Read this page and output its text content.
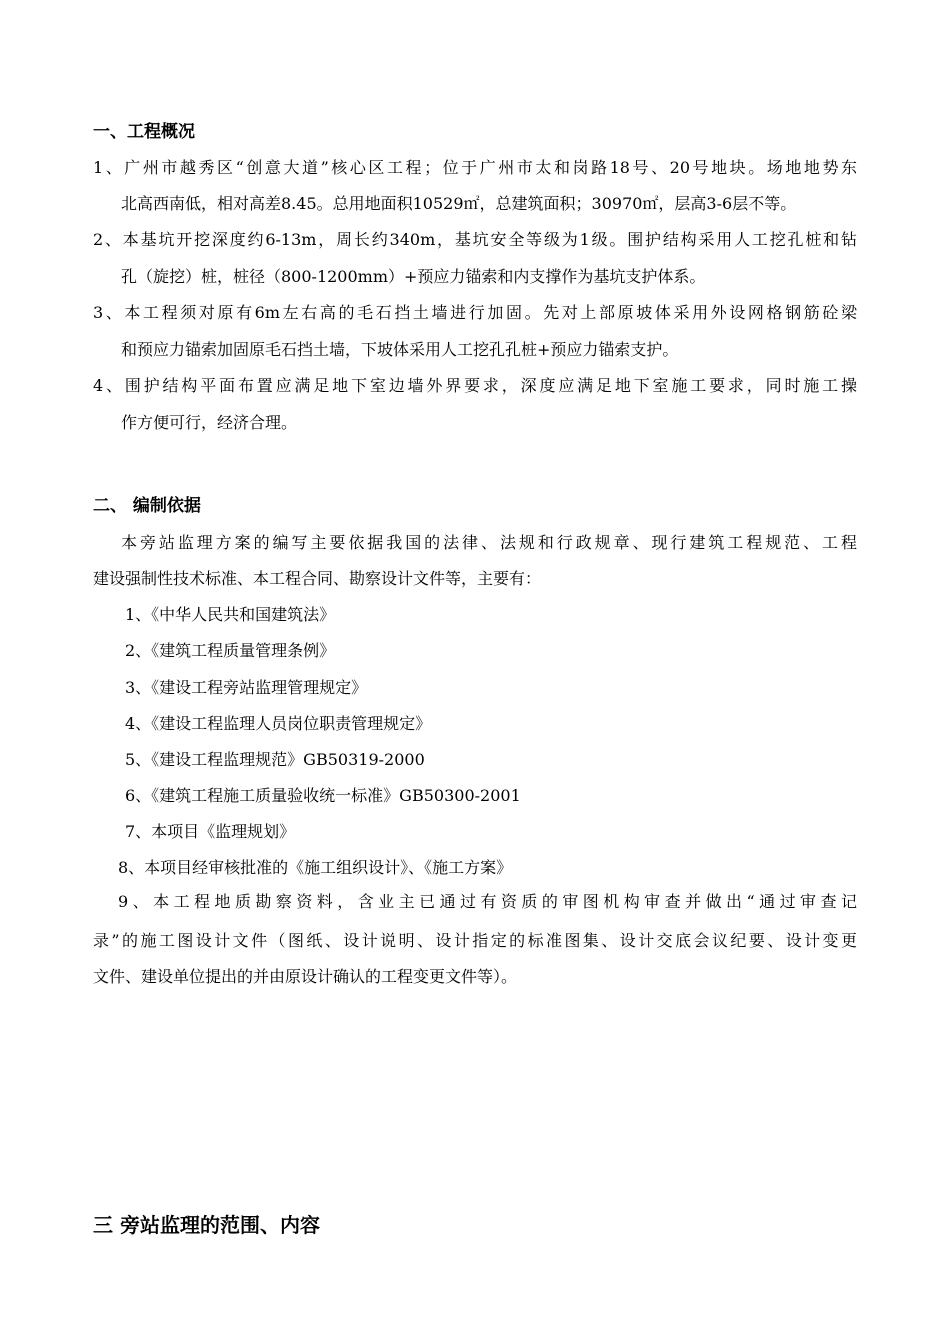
一、工程概况
1、广州市越秀区“创意大道”核心区工程；位于广州市太和岗路18号、20号地块。场地地势东
北高西南低，相对高差8.45。总用地面积10529㎡，总建筑面积；30970㎡，层高3-6层不等。
2、本基坑开挖深度约6-13m，周长约340m，基坑安全等级为1级。围护结构采用人工挖孔桩和钻
孔（旋挖）桩，桩径（800-1200mm）+预应力锚索和内支撑作为基坑支护体系。
3、本工程须对原有6m左右高的毛石挡土墙进行加固。先对上部原坡体采用外设网格钢筋砼梁
和预应力锚索加固原毛石挡土墙，下坡体采用人工挖孔孔桩+预应力锚索支护。
4、围护结构平面布置应满足地下室边墙外界要求，深度应满足地下室施工要求，同时施工操
作方便可行，经济合理。
二、 编制依据
本旁站监理方案的编写主要依据我国的法律、法规和行政规章、现行建筑工程规范、工程
建设强制性技术标准、本工程合同、勘察设计文件等，主要有：
1、《中华人民共和国建筑法》
2、《建筑工程质量管理条例》
3、《建设工程旁站监理管理规定》
4、《建设工程监理人员岗位职责管理规定》
5、《建设工程监理规范》GB50319-2000
6、《建筑工程施工质量验收统一标准》GB50300-2001
7、本项目《监理规划》
8、本项目经审核批准的《施工组织设计》、《施工方案》
9、本工程地质勘察资料，含业主已通过有资质的审图机构审查并做出“通过审查记
录”的施工图设计文件（图纸、设计说明、设计指定的标准图集、设计交底会议纪要、设计变更
文件、建设单位提出的并由原设计确认的工程变更文件等）。
三 旁站监理的范围、内容
